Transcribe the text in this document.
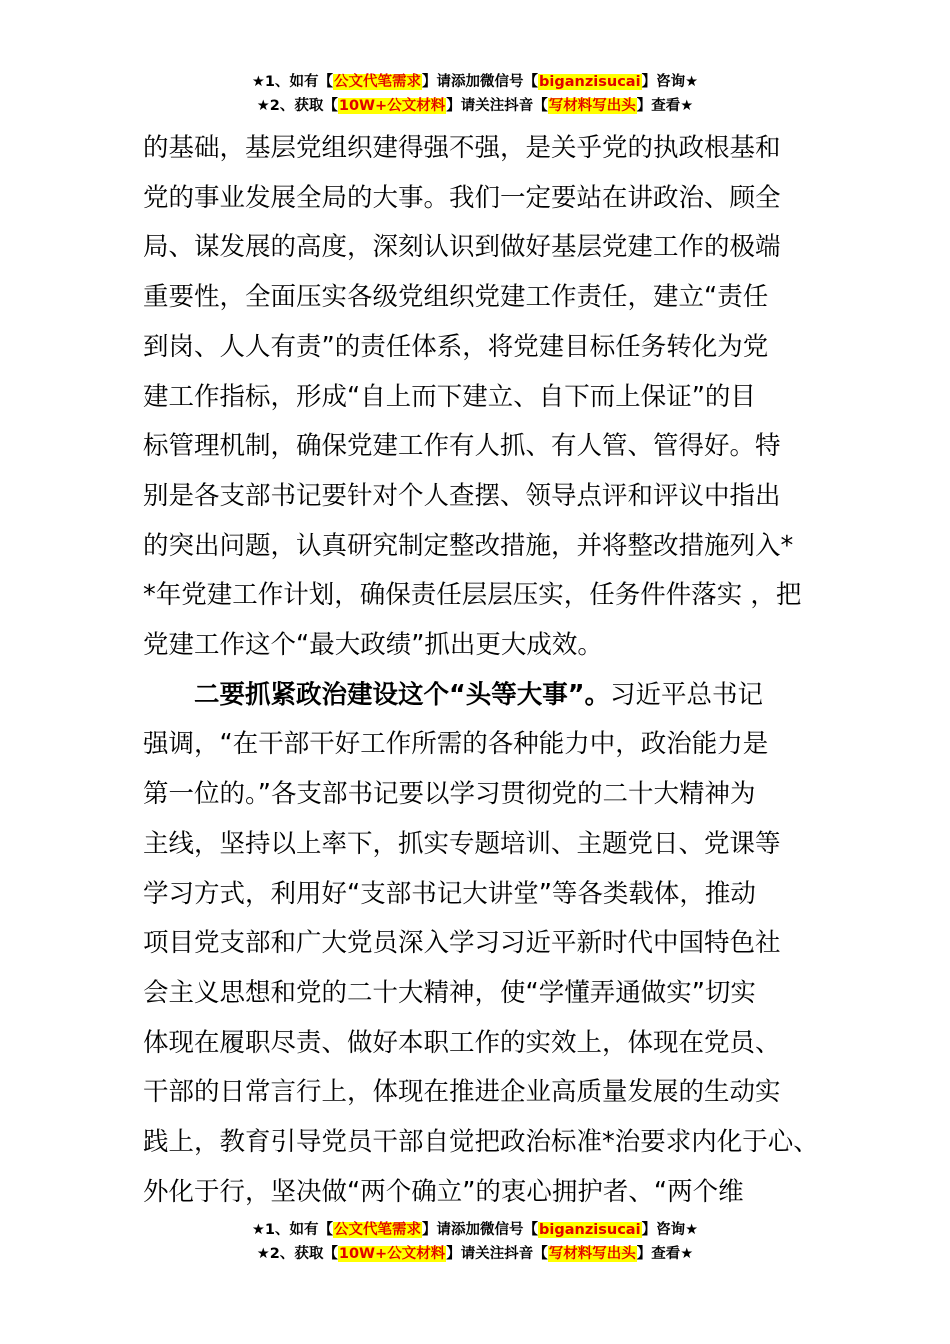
★1、如有【公文代笔需求】请添加微信号【biganzisucai】咨询★
★2、获取【10W+公文材料】请关注抖音【写材料写出头】查看★
的基础，基层党组织建得强不强，是关乎党的执政根基和
党的事业发展全局的大事。我们一定要站在讲政治、顾全
局、谋发展的高度，深刻认识到做好基层党建工作的极端
重要性，全面压实各级党组织党建工作责任，建立“责任
到岗、人人有责”的责任体系，将党建目标任务转化为党
建工作指标，形成“自上而下建立、自下而上保证”的目
标管理机制，确保党建工作有人抓、有人管、管得好。特
别是各支部书记要针对个人查摆、领导点评和评议中指出
的突出问题，认真研究制定整改措施，并将整改措施列入*
*年党建工作计划，确保责任层层压实，任务件件落实 ，把
党建工作这个“最大政绩”抓出更大成效。
二要抓紧政治建设这个“头等大事”。习近平总书记
强调，“在干部干好工作所需的各种能力中，政治能力是
第一位的。”各支部书记要以学习贯彻党的二十大精神为
主线，坚持以上率下，抓实专题培训、主题党日、党课等
学习方式，利用好“支部书记大讲堂”等各类载体，推动
项目党支部和广大党员深入学习习近平新时代中国特色社
会主义思想和党的二十大精神，使“学懂弄通做实”切实
体现在履职尽责、做好本职工作的实效上，体现在党员、
干部的日常言行上，体现在推进企业高质量发展的生动实
践上，教育引导党员干部自觉把政治标准*治要求内化于心、
外化于行，坚决做“两个确立”的衷心拥护者、“两个维
★1、如有【公文代笔需求】请添加微信号【biganzisucai】咨询★
★2、获取【10W+公文材料】请关注抖音【写材料写出头】查看★
